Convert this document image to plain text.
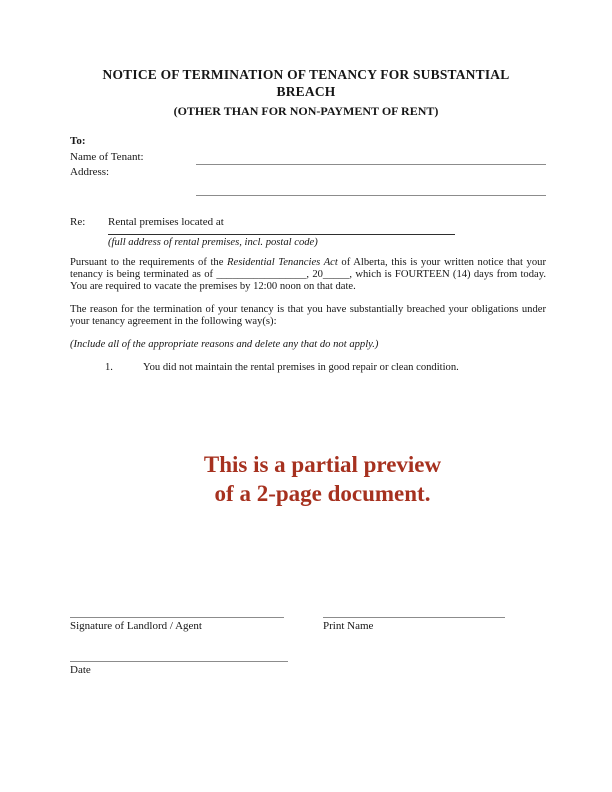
NOTICE OF TERMINATION OF TENANCY FOR SUBSTANTIAL
BREACH
(OTHER THAN FOR NON-PAYMENT OF RENT)
To:
Name of Tenant:
Address:
Re: Rental premises located at
(full address of rental premises, incl. postal code)
Pursuant to the requirements of the Residential Tenancies Act of Alberta, this is your written notice that your tenancy is being terminated as of _________________, 20_____, which is FOURTEEN (14) days from today. You are required to vacate the premises by 12:00 noon on that date.
The reason for the termination of your tenancy is that you have substantially breached your obligations under your tenancy agreement in the following way(s):
(Include all of the appropriate reasons and delete any that do not apply.)
1.	You did not maintain the rental premises in good repair or clean condition.
This is a partial preview
of a 2-page document.
Signature of Landlord / Agent	Print Name
Date
